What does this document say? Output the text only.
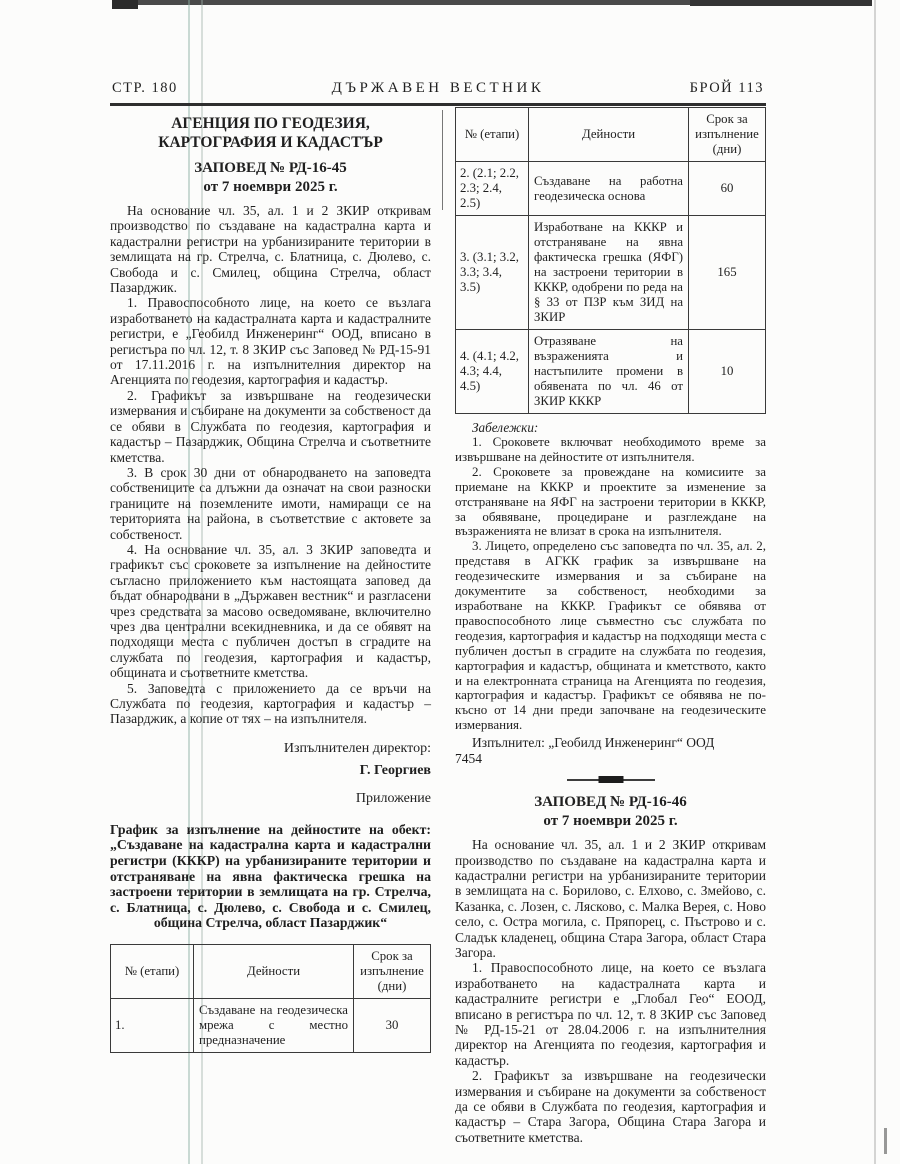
СТР. 180	ДЪРЖАВЕН ВЕСТНИК	БРОЙ 113
АГЕНЦИЯ ПО ГЕОДЕЗИЯ,
КАРТОГРАФИЯ И КАДАСТЪР
ЗАПОВЕД № РД-16-45
от 7 ноември 2025 г.

На основание чл. 35, ал. 1 и 2 ЗКИР откривам производство по създаване на кадастрална карта и кадастрални регистри на урбанизираните територии в землищата на гр. Стрелча, с. Блатница, с. Дюлево, с. Свобода и с. Смилец, община Стрелча, област Пазарджик.

1. Правоспособното лице, на което се възлага изработването на кадастралната карта и кадастралните регистри, е „Геобилд Инженеринг“ ООД, вписано в регистъра по чл. 12, т. 8 ЗКИР със Заповед № РД-15-91 от 17.11.2016 г. на изпълнителния директор на Агенцията по геодезия, картография и кадастър.

2. Графикът за извършване на геодезически измервания и събиране на документи за собственост да се обяви в Службата по геодезия, картография и кадастър – Пазарджик, Община Стрелча и съответните кметства.

3. В срок 30 дни от обнародването на заповедта собствениците са длъжни да означат на свои разноски границите на поземлените имоти, намиращи се на територията на района, в съответствие с актовете за собственост.

4. На основание чл. 35, ал. 3 ЗКИР заповедта и графикът със сроковете за изпълнение на дейностите съгласно приложението към настоящата заповед да бъдат обнародвани в „Държавен вестник“ и разгласени чрез средствата за масово осведомяване, включително чрез два централни всекидневника, и да се обявят на подходящи места с публичен достъп в сградите на службата по геодезия, картография и кадастър, общината и съответните кметства.

5. Заповедта с приложението да се връчи на Службата по геодезия, картография и кадастър – Пазарджик, а копие от тях – на изпълнителя.

Изпълнителен директор:
Г. Георгиев
Приложение
График за изпълнение на дейностите на обект: „Създаване на кадастрална карта и кадастрални регистри (КККР) на урбанизираните територии и отстраняване на явна фактическа грешка на застроени територии в землищата на гр. Стрелча, с. Блатница, с. Дюлево, с. Свобода и с. Смилец, община Стрелча, област Пазарджик“
№ (етапи)	Дейности	Срок за изпълнение (дни)
1.	Създаване на геодезическа мрежа с местно предназначение	30
№ (етапи)	Дейности	Срок за изпълнение (дни)
2. (2.1; 2.2, 2.3; 2.4, 2.5)	Създаване на работна геодезическа основа	60
3. (3.1; 3.2, 3.3; 3.4, 3.5)	Изработване на КККР и отстраняване на явна фактическа грешка (ЯФГ) на застроени територии в КККР, одобрени по реда на § 33 от ПЗР към ЗИД на ЗКИР	165
4. (4.1; 4.2, 4.3; 4.4, 4.5)	Отразяване на възраженията и настъпилите промени в обявената по чл. 46 от ЗКИР КККР	10

Забележки:

1. Сроковете включват необходимото време за извършване на дейностите от изпълнителя.

2. Сроковете за провеждане на комисиите за приемане на КККР и проектите за изменение за отстраняване на ЯФГ на застроени територии в КККР, за обявяване, процедиране и разглеждане на възраженията не влизат в срока на изпълнителя.

3. Лицето, определено със заповедта по чл. 35, ал. 2, представя в АГКК график за извършване на геодезическите измервания и за събиране на документите за собственост, необходими за изработване на КККР. Графикът се обявява от правоспособното лице съвместно със службата по геодезия, картография и кадастър на подходящи места с публичен достъп в сградите на службата по геодезия, картография и кадастър, общината и кметството, както и на електронната страница на Агенцията по геодезия, картография и кадастър. Графикът се обявява не по-късно от 14 дни преди започване на геодезическите измервания.

Изпълнител: „Геобилд Инженеринг“ ООД

7454

ЗАПОВЕД № РД-16-46
от 7 ноември 2025 г.

На основание чл. 35, ал. 1 и 2 ЗКИР откривам производство по създаване на кадастрална карта и кадастрални регистри на урбанизираните територии в землищата на с. Борилово, с. Елхово, с. Змейово, с. Казанка, с. Лозен, с. Лясково, с. Малка Верея, с. Ново село, с. Остра могила, с. Пряпорец, с. Пъстрово и с. Сладък кладенец, община Стара Загора, област Стара Загора.

1. Правоспособното лице, на което се възлага изработването на кадастралната карта и кадастралните регистри е „Глобал Гео“ ЕООД, вписано в регистъра по чл. 12, т. 8 ЗКИР със Заповед № РД-15-21 от 28.04.2006 г. на изпълнителния директор на Агенцията по геодезия, картография и кадастър.

2. Графикът за извършване на геодезически измервания и събиране на документи за собственост да се обяви в Службата по геодезия, картография и кадастър – Стара Загора, Община Стара Загора и съответните кметства.
